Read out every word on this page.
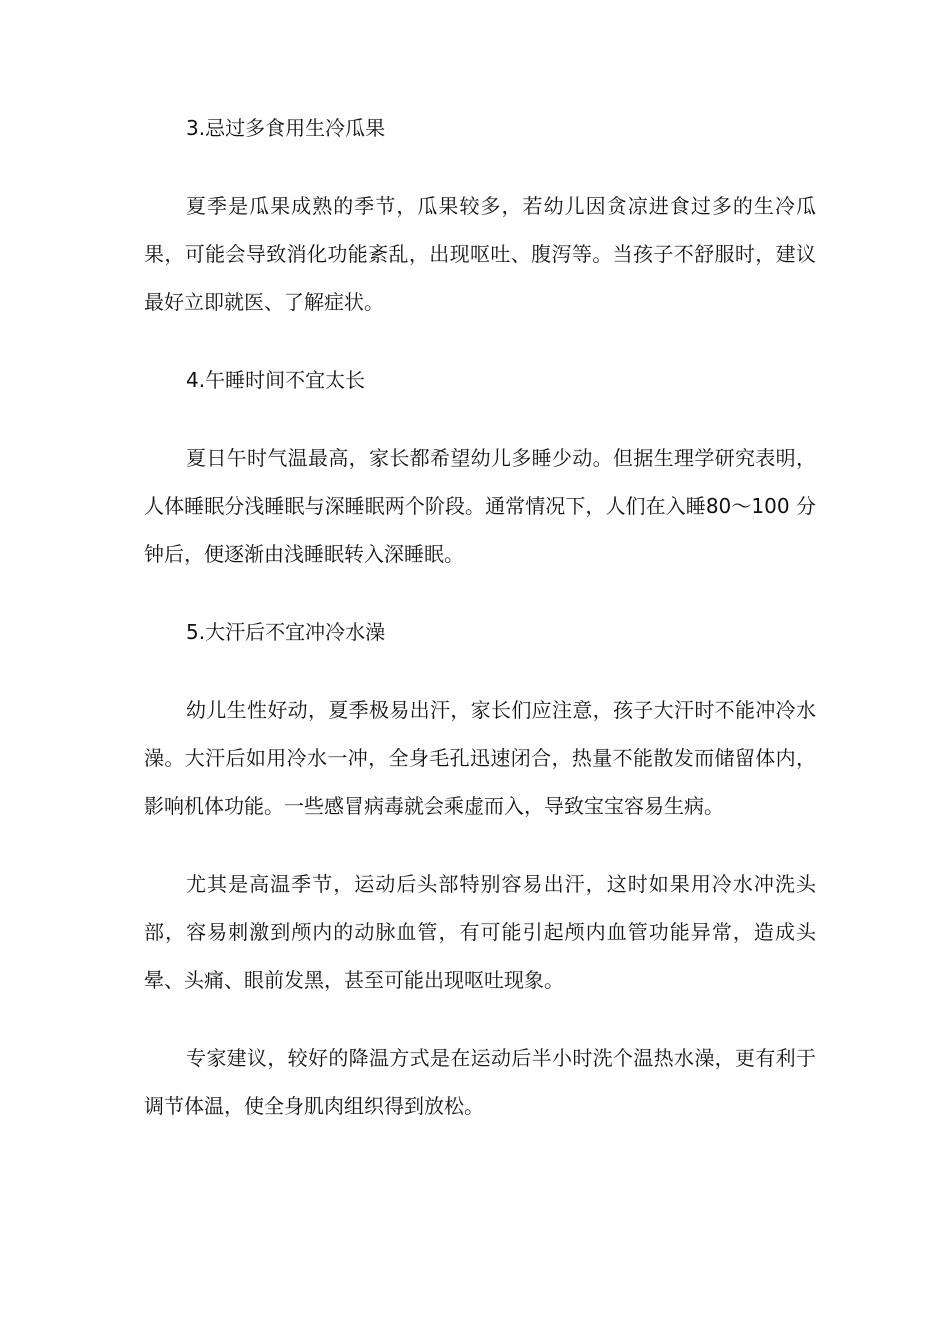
3.忌过多食用生冷瓜果

夏季是瓜果成熟的季节，瓜果较多，若幼儿因贪凉进食过多的生冷瓜果，可能会导致消化功能紊乱，出现呕吐、腹泻等。当孩子不舒服时，建议最好立即就医、了解症状。

4.午睡时间不宜太长

夏日午时气温最高，家长都希望幼儿多睡少动。但据生理学研究表明，人体睡眠分浅睡眠与深睡眠两个阶段。通常情况下，人们在入睡80～100 分钟后，便逐渐由浅睡眠转入深睡眠。

5.大汗后不宜冲冷水澡

幼儿生性好动，夏季极易出汗，家长们应注意，孩子大汗时不能冲冷水澡。大汗后如用冷水一冲，全身毛孔迅速闭合，热量不能散发而储留体内，影响机体功能。一些感冒病毒就会乘虚而入，导致宝宝容易生病。

尤其是高温季节，运动后头部特别容易出汗，这时如果用冷水冲洗头部，容易刺激到颅内的动脉血管，有可能引起颅内血管功能异常，造成头晕、头痛、眼前发黑，甚至可能出现呕吐现象。

专家建议，较好的降温方式是在运动后半小时洗个温热水澡，更有利于调节体温，使全身肌肉组织得到放松。
